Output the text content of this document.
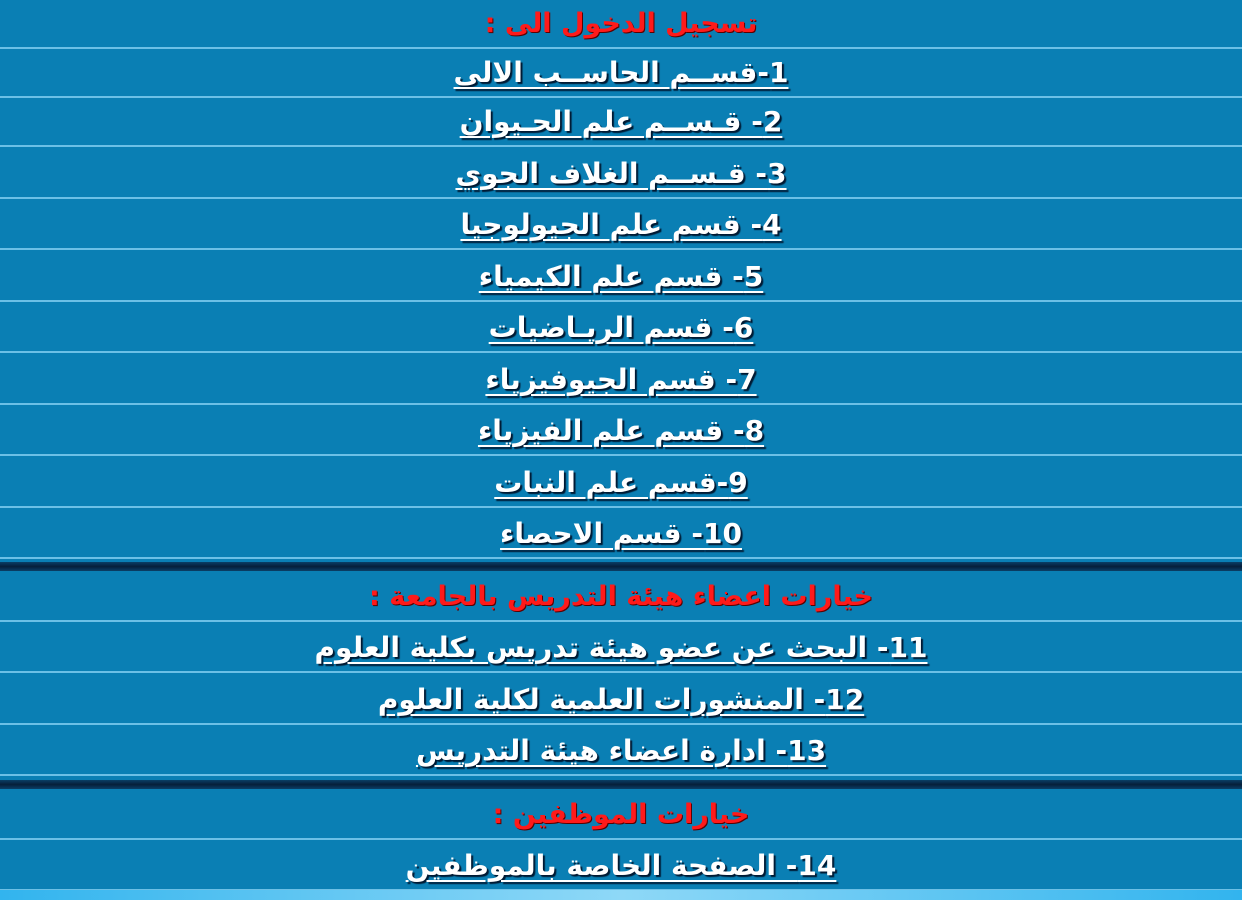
تسجيل الدخول الى :
1-قســم الحاســب الالى
2- قـســم علم الحـيوان
3- قـســم الغلاف الجوي
4- قسم علم الجيولوجيا
5- قسم علم الكيمياء
6- قسم الريـاضيات
7- قسم الجيوفيزياء
8- قسم علم الفيزياء
9-قسم علم النبات
10- قسم الاحصاء
خيارات اعضاء هيئة التدريس بالجامعة :
11- البحث عن عضو هيئة تدريس بكلية العلوم
12- المنشورات العلمية لكلية العلوم
13- ادارة اعضاء هيئة التدريس
خيارات الموظفين :
14- الصفحة الخاصة بالموظفين
